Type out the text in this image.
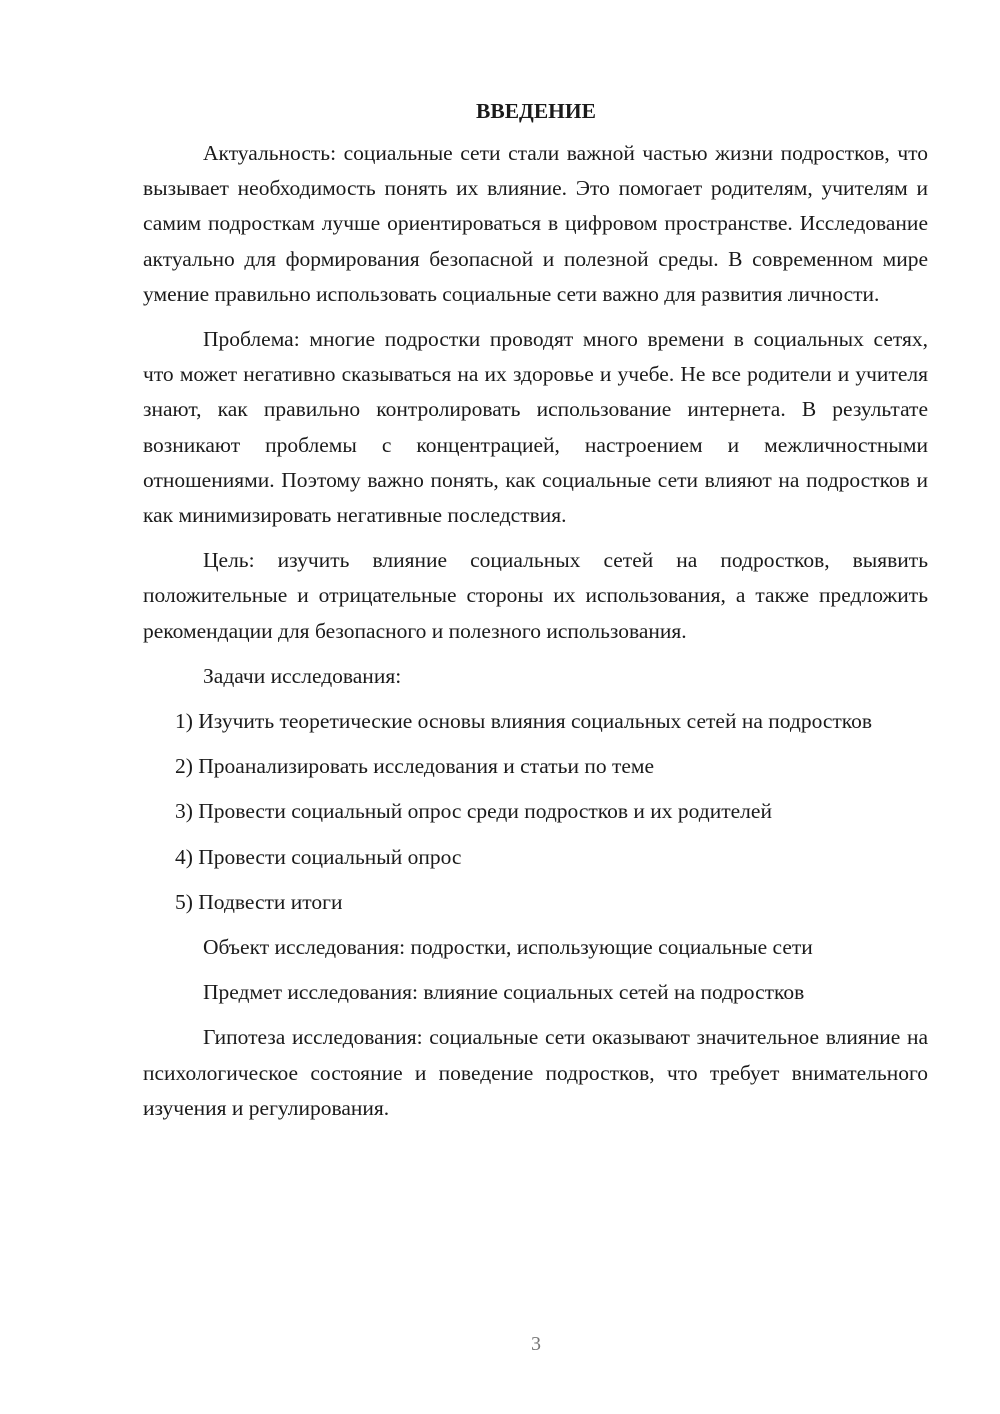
ВВЕДЕНИЕ

Актуальность: социальные сети стали важной частью жизни подростков, что вызывает необходимость понять их влияние. Это помогает родителям, учителям и самим подросткам лучше ориентироваться в цифровом пространстве. Исследование актуально для формирования безопасной и полезной среды. В современном мире умение правильно использовать социальные сети важно для развития личности.

Проблема: многие подростки проводят много времени в социальных сетях, что может негативно сказываться на их здоровье и учебе. Не все родители и учителя знают, как правильно контролировать использование интернета. В результате возникают проблемы с концентрацией, настроением и межличностными отношениями. Поэтому важно понять, как социальные сети влияют на подростков и как минимизировать негативные последствия.

Цель: изучить влияние социальных сетей на подростков, выявить положительные и отрицательные стороны их использования, а также предложить рекомендации для безопасного и полезного использования.

Задачи исследования:

1) Изучить теоретические основы влияния социальных сетей на подростков

2) Проанализировать исследования и статьи по теме

3) Провести социальный опрос среди подростков и их родителей

4) Провести социальный опрос

5) Подвести итоги

Объект исследования: подростки, использующие социальные сети

Предмет исследования: влияние социальных сетей на подростков

Гипотеза исследования: социальные сети оказывают значительное влияние на психологическое состояние и поведение подростков, что требует внимательного изучения и регулирования.

3
